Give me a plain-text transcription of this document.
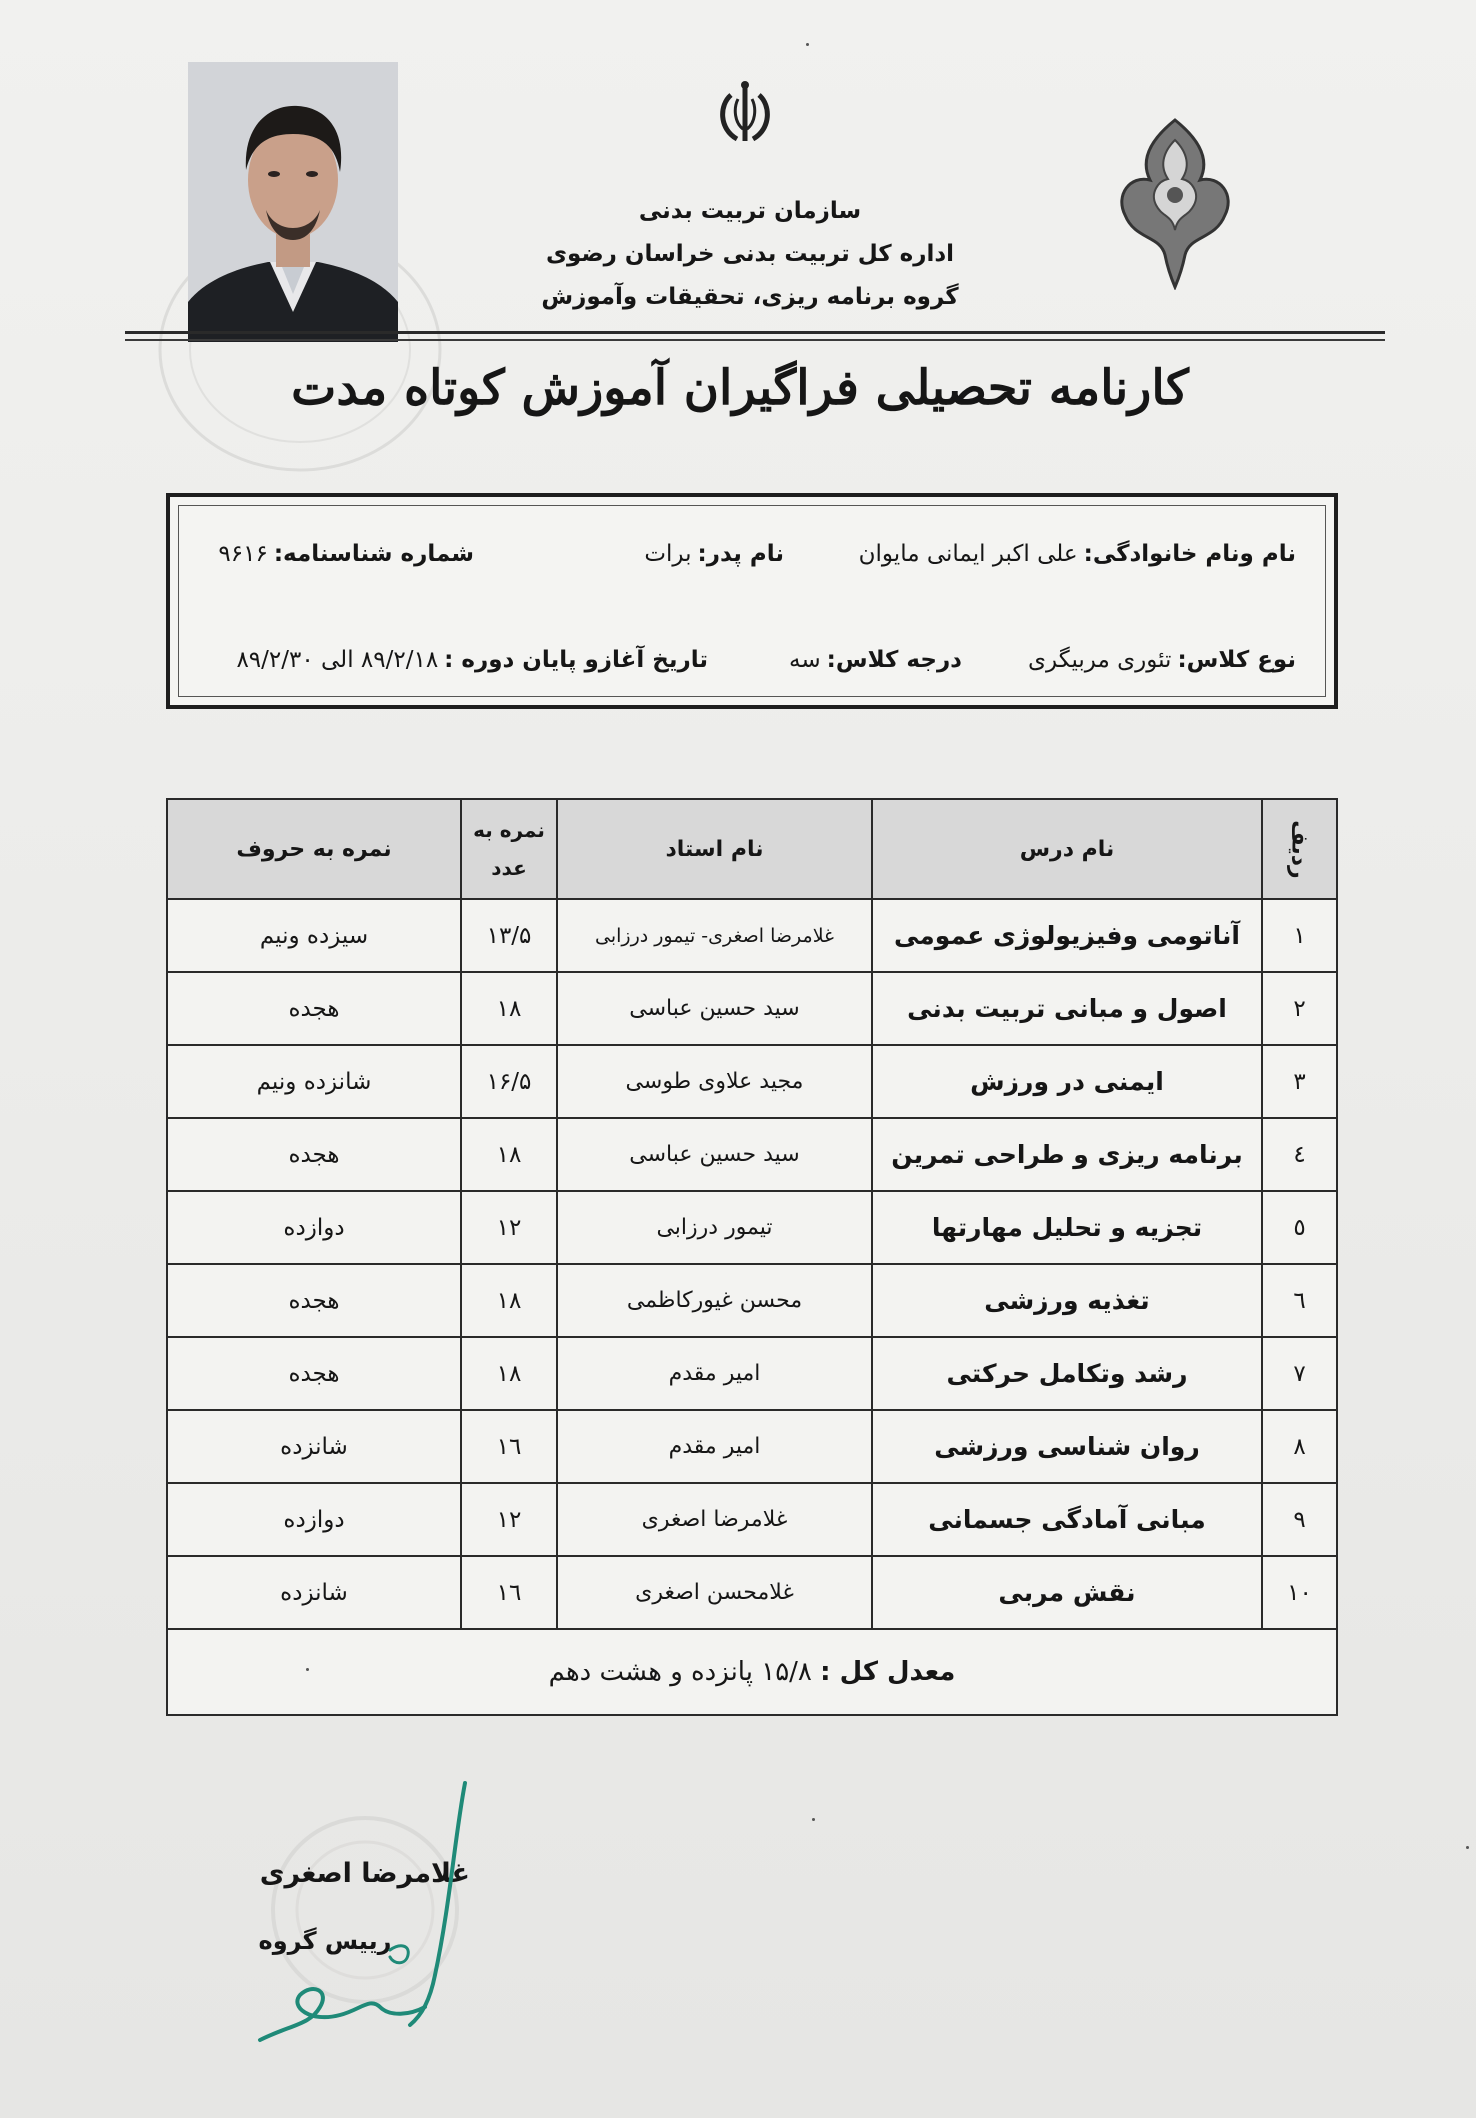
سازمان تربیت بدنی
اداره کل تربیت بدنی خراسان رضوی
گروه برنامه ریزی، تحقیقات وآموزش
کارنامه تحصیلی فراگیران آموزش کوتاه مدت
نام ونام خانوادگی:علی اکبر ایمانی مایوان
نام پدر:برات
شماره شناسنامه:۹۶۱۶
نوع کلاس:تئوری مربیگری
درجه کلاس:سه
تاریخ آغازو پایان دوره :۸۹/۲/۱۸ الی ۸۹/۲/۳۰
ردیف	نام درس	نام استاد	نمره به عدد	نمره به حروف
۱	آناتومی وفیزیولوژی عمومی	غلامرضا اصغری- تیمور درزابی	۱۳/۵	سیزده ونیم
۲	اصول و مبانی تربیت بدنی	سید حسین عباسی	۱۸	هجده
۳	ایمنی در ورزش	مجید علاوی طوسی	۱۶/۵	شانزده ونیم
٤	برنامه ریزی و طراحی تمرین	سید حسین عباسی	۱۸	هجده
٥	تجزیه و تحلیل مهارتها	تیمور درزابی	۱۲	دوازده
٦	تغذیه ورزشی	محسن غیورکاظمی	۱۸	هجده
۷	رشد وتکامل حرکتی	امیر مقدم	۱۸	هجده
۸	روان شناسی ورزشی	امیر مقدم	۱٦	شانزده
۹	مبانی آمادگی جسمانی	غلامرضا اصغری	۱۲	دوازده
۱۰	نقش مربی	غلامحسن اصغری	۱٦	شانزده
معدل کل : ۱۵/۸ پانزده و هشت دهم				
غلامرضا اصغری
رییس گروه
